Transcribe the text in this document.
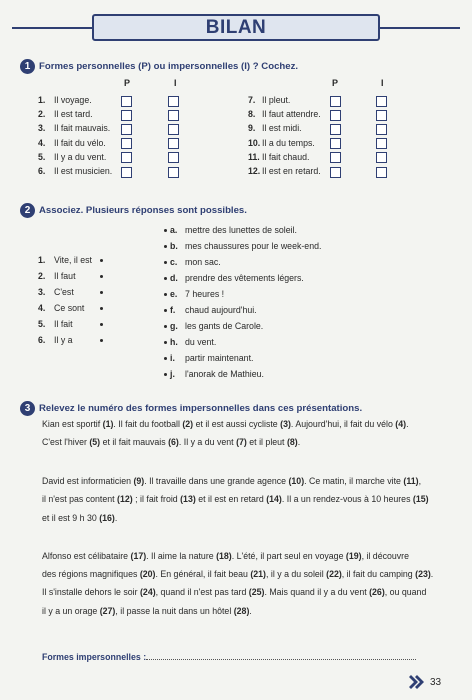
BILAN
1 Formes personnelles (P) ou impersonnelles (I) ? Cochez.
P	I	P	I
1. Il voyage.
2. Il est tard.
3. Il fait mauvais.
4. Il fait du vélo.
5. Il y a du vent.
6. Il est musicien.
7. Il pleut.
8. Il faut attendre.
9. Il est midi.
10. Il a du temps.
11. Il fait chaud.
12. Il est en retard.
2 Associez. Plusieurs réponses sont possibles.
1. Vite, il est
2. Il faut
3. C'est
4. Ce sont
5. Il fait
6. Il y a
a. mettre des lunettes de soleil.
b. mes chaussures pour le week-end.
c. mon sac.
d. prendre des vêtements légers.
e. 7 heures !
f. chaud aujourd'hui.
g. les gants de Carole.
h. du vent.
i. partir maintenant.
j. l'anorak de Mathieu.
3 Relevez le numéro des formes impersonnelles dans ces présentations.
Kian est sportif (1). Il fait du football (2) et il est aussi cycliste (3). Aujourd'hui, il fait du vélo (4).
C'est l'hiver (5) et il fait mauvais (6). Il y a du vent (7) et il pleut (8).
David est informaticien (9). Il travaille dans une grande agence (10). Ce matin, il marche vite (11),
il n'est pas content (12) ; il fait froid (13) et il est en retard (14). Il a un rendez-vous à 10 heures (15)
et il est 9 h 30 (16).
Alfonso est célibataire (17). Il aime la nature (18). L'été, il part seul en voyage (19), il découvre
des régions magnifiques (20). En général, il fait beau (21), il y a du soleil (22), il fait du camping (23).
Il s'installe dehors le soir (24), quand il n'est pas tard (25). Mais quand il y a du vent (26), ou quand
il y a un orage (27), il passe la nuit dans un hôtel (28).
Formes impersonnelles :
33
